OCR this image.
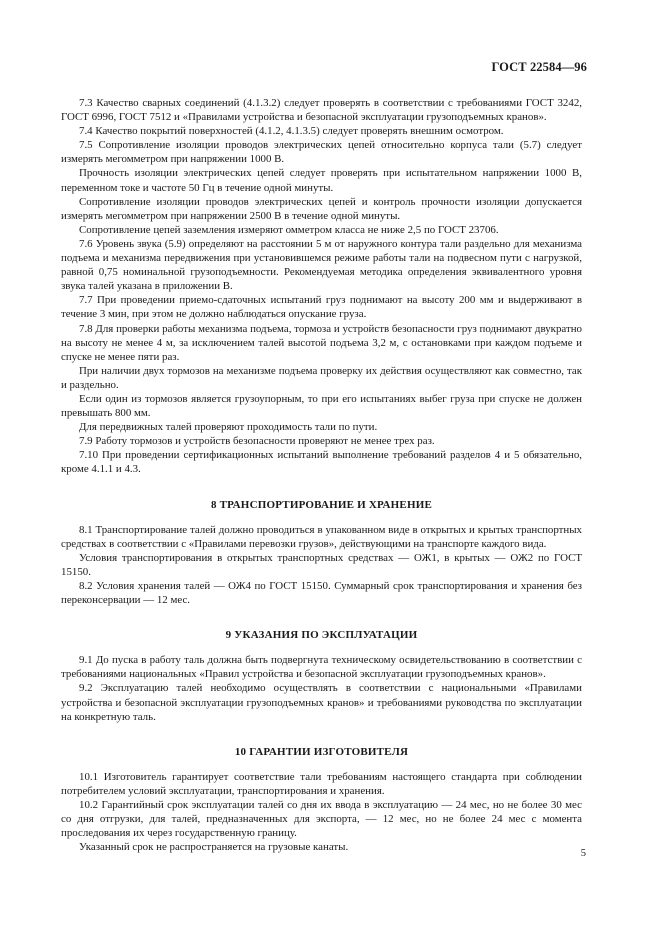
ГОСТ 22584—96

7.3 Качество сварных соединений (4.1.3.2) следует проверять в соответствии с требованиями ГОСТ 3242, ГОСТ 6996, ГОСТ 7512 и «Правилами устройства и безопасной эксплуатации грузоподъемных кранов».

7.4 Качество покрытий поверхностей (4.1.2, 4.1.3.5) следует проверять внешним осмотром.

7.5 Сопротивление изоляции проводов электрических цепей относительно корпуса тали (5.7) следует измерять мегомметром при напряжении 1000 В.

Прочность изоляции электрических цепей следует проверять при испытательном напряжении 1000 В, переменном токе и частоте 50 Гц в течение одной минуты.

Сопротивление изоляции проводов электрических цепей и контроль прочности изоляции допускается измерять мегомметром при напряжении 2500 В в течение одной минуты.

Сопротивление цепей заземления измеряют омметром класса не ниже 2,5 по ГОСТ 23706.

7.6 Уровень звука (5.9) определяют на расстоянии 5 м от наружного контура тали раздельно для механизма подъема и механизма передвижения при установившемся режиме работы тали на подвесном пути с нагрузкой, равной 0,75 номинальной грузоподъемности. Рекомендуемая методика определения эквивалентного уровня звука талей указана в приложении В.

7.7 При проведении приемо-сдаточных испытаний груз поднимают на высоту 200 мм и выдерживают в течение 3 мин, при этом не должно наблюдаться опускание груза.

7.8 Для проверки работы механизма подъема, тормоза и устройств безопасности груз поднимают двукратно на высоту не менее 4 м, за исключением талей высотой подъема 3,2 м, с остановками при каждом подъеме и спуске не менее пяти раз.

При наличии двух тормозов на механизме подъема проверку их действия осуществляют как совместно, так и раздельно.

Если один из тормозов является грузоупорным, то при его испытаниях выбег груза при спуске не должен превышать 800 мм.

Для передвижных талей проверяют проходимость тали по пути.

7.9 Работу тормозов и устройств безопасности проверяют не менее трех раз.

7.10 При проведении сертификационных испытаний выполнение требований разделов 4 и 5 обязательно, кроме 4.1.1 и 4.3.

8 ТРАНСПОРТИРОВАНИЕ И ХРАНЕНИЕ

8.1 Транспортирование талей должно проводиться в упакованном виде в открытых и крытых транспортных средствах в соответствии с «Правилами перевозки грузов», действующими на транспорте каждого вида.

Условия транспортирования в открытых транспортных средствах — ОЖ1, в крытых — ОЖ2 по ГОСТ 15150.

8.2 Условия хранения талей — ОЖ4 по ГОСТ 15150. Суммарный срок транспортирования и хранения без переконсервации — 12 мес.

9 УКАЗАНИЯ ПО ЭКСПЛУАТАЦИИ

9.1 До пуска в работу таль должна быть подвергнута техническому освидетельствованию в соответствии с требованиями национальных «Правил устройства и безопасной эксплуатации грузоподъемных кранов».

9.2 Эксплуатацию талей необходимо осуществлять в соответствии с национальными «Правилами устройства и безопасной эксплуатации грузоподъемных кранов» и требованиями руководства по эксплуатации на конкретную таль.

10 ГАРАНТИИ ИЗГОТОВИТЕЛЯ

10.1 Изготовитель гарантирует соответствие тали требованиям настоящего стандарта при соблюдении потребителем условий эксплуатации, транспортирования и хранения.

10.2 Гарантийный срок эксплуатации талей со дня их ввода в эксплуатацию — 24 мес, но не более 30 мес со дня отгрузки, для талей, предназначенных для экспорта, — 12 мес, но не более 24 мес с момента проследования их через государственную границу.

Указанный срок не распространяется на грузовые канаты.

5
